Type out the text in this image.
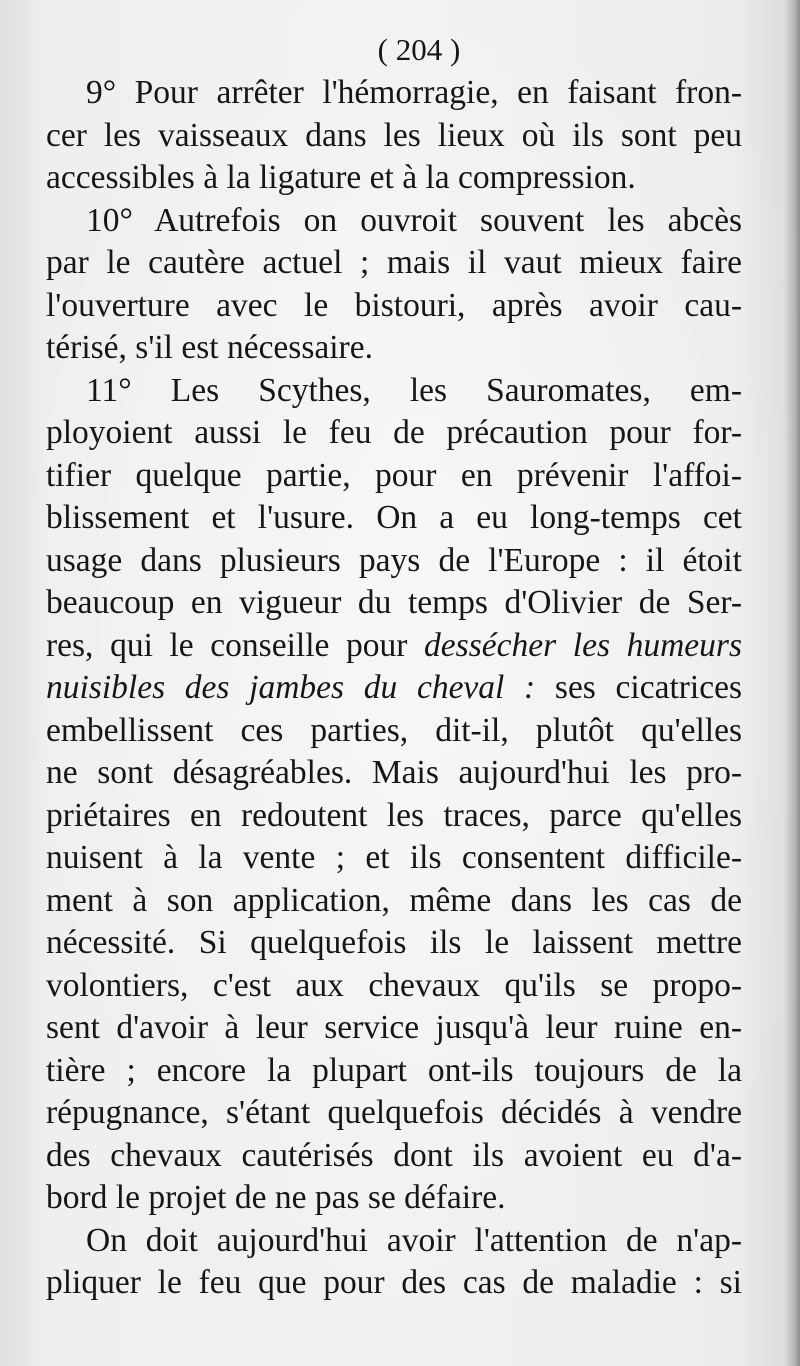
( 204 )
9° Pour arrêter l'hémorragie, en faisant fron-
cer les vaisseaux dans les lieux où ils sont peu
accessibles à la ligature et à la compression.
10° Autrefois on ouvroit souvent les abcès
par le cautère actuel ; mais il vaut mieux faire
l'ouverture avec le bistouri, après avoir cau-
térisé, s'il est nécessaire.
11° Les Scythes, les Sauromates, em-
ployoient aussi le feu de précaution pour for-
tifier quelque partie, pour en prévenir l'affoi-
blissement et l'usure. On a eu long-temps cet
usage dans plusieurs pays de l'Europe : il étoit
beaucoup en vigueur du temps d'Olivier de Ser-
res, qui le conseille pour dessécher les humeurs
nuisibles des jambes du cheval : ses cicatrices
embellissent ces parties, dit-il, plutôt qu'elles
ne sont désagréables. Mais aujourd'hui les pro-
priétaires en redoutent les traces, parce qu'elles
nuisent à la vente ; et ils consentent difficile-
ment à son application, même dans les cas de
nécessité. Si quelquefois ils le laissent mettre
volontiers, c'est aux chevaux qu'ils se propo-
sent d'avoir à leur service jusqu'à leur ruine en-
tière ; encore la plupart ont-ils toujours de la
répugnance, s'étant quelquefois décidés à vendre
des chevaux cautérisés dont ils avoient eu d'a-
bord le projet de ne pas se défaire.
On doit aujourd'hui avoir l'attention de n'ap-
pliquer le feu que pour des cas de maladie : si
